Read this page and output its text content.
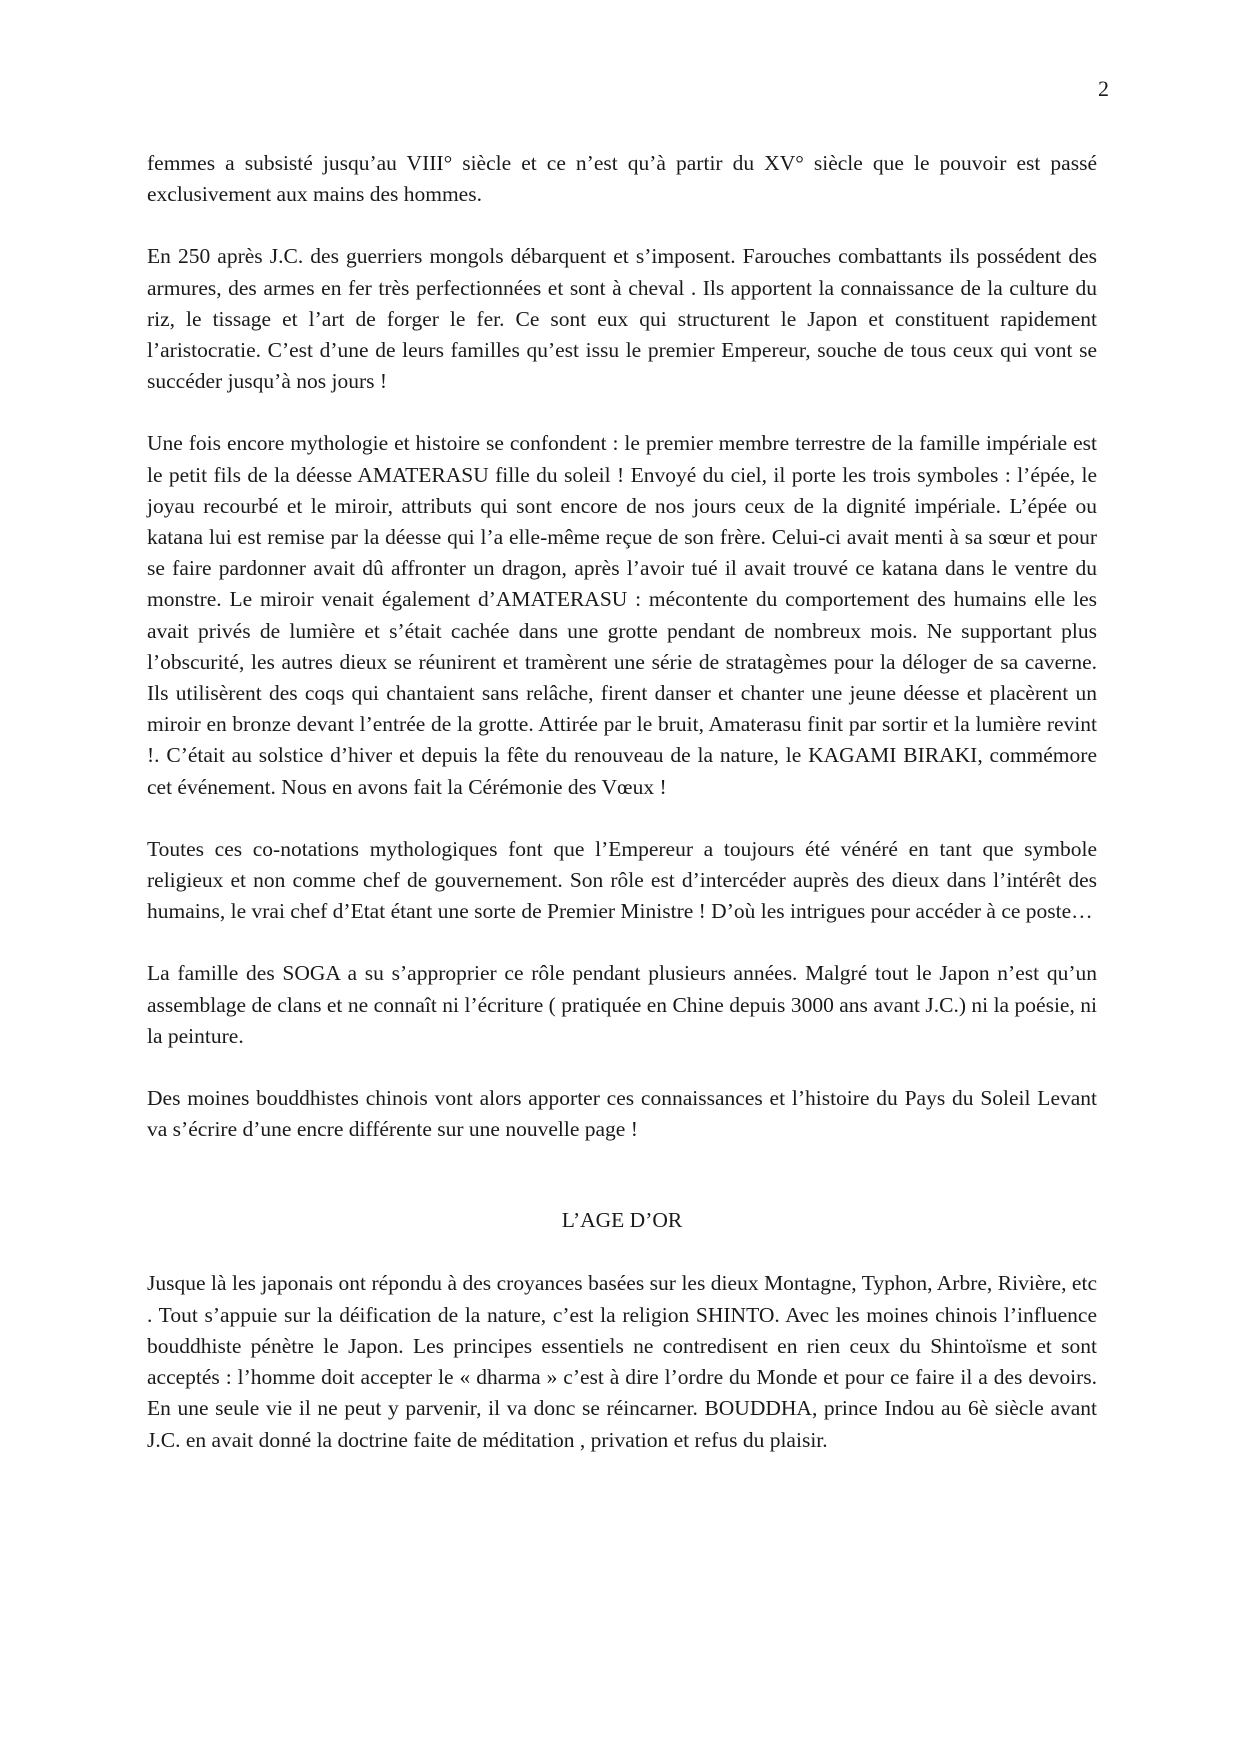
2

femmes a subsisté jusqu’au VIII° siècle et ce n’est qu’à partir du XV° siècle que le pouvoir est passé exclusivement aux mains des hommes.

En 250 après J.C. des guerriers mongols débarquent et s’imposent. Farouches combattants ils possédent des armures, des armes en fer très perfectionnées et sont à cheval . Ils apportent la connaissance de la culture du riz, le tissage et l’art de forger le fer. Ce sont eux qui structurent le Japon et constituent rapidement l’aristocratie. C’est d’une de leurs familles qu’est issu le premier Empereur, souche de tous ceux qui vont se succéder jusqu’à nos jours !

Une fois encore mythologie et histoire se confondent : le premier membre terrestre de la famille impériale est le petit fils de la déesse AMATERASU fille du soleil ! Envoyé du ciel, il porte les trois symboles : l’épée, le joyau recourbé et le miroir, attributs qui sont encore de nos jours ceux de la dignité impériale. L’épée ou katana lui est remise par la déesse qui l’a elle-même reçue de son frère. Celui-ci avait menti à sa sœur et pour se faire pardonner avait dû affronter un dragon, après l’avoir tué il avait trouvé ce katana dans le ventre du monstre. Le miroir venait également d’AMATERASU : mécontente du comportement des humains elle les avait privés de lumière et s’était cachée dans une grotte pendant de nombreux mois. Ne supportant plus l’obscurité, les autres dieux se réunirent et tramèrent une série de stratagèmes pour la déloger de sa caverne. Ils utilisèrent des coqs qui chantaient sans relâche, firent danser et chanter une jeune déesse et placèrent un miroir en bronze devant l’entrée de la grotte. Attirée par le bruit, Amaterasu finit par sortir et la lumière revint !. C’était au solstice d’hiver et depuis la fête du renouveau de la nature, le KAGAMI BIRAKI, commémore cet événement. Nous en avons fait la Cérémonie des Vœux !

Toutes ces co-notations mythologiques font que l’Empereur a toujours été vénéré en tant que symbole religieux et non comme chef de gouvernement. Son rôle est d’intercéder auprès des dieux dans l’intérêt des humains, le vrai chef d’Etat étant une sorte de Premier Ministre ! D’où les intrigues pour accéder à ce poste…

La famille des SOGA a su s’approprier ce rôle pendant plusieurs années. Malgré tout le Japon n’est qu’un assemblage de clans et ne connaît ni l’écriture ( pratiquée en Chine depuis 3000 ans avant J.C.) ni la poésie, ni la peinture.

Des moines bouddhistes chinois vont alors apporter ces connaissances et l’histoire du Pays du Soleil Levant va s’écrire d’une encre différente sur une nouvelle page !

L’AGE D’OR

Jusque là les japonais ont répondu à des croyances basées sur les dieux Montagne, Typhon, Arbre, Rivière, etc . Tout s’appuie sur la déification de la nature, c’est la religion SHINTO. Avec les moines chinois l’influence bouddhiste pénètre le Japon. Les principes essentiels ne contredisent en rien ceux du Shintoïsme et sont acceptés : l’homme doit accepter le « dharma » c’est à dire l’ordre du Monde et pour ce faire il a des devoirs. En une seule vie il ne peut y parvenir, il va donc se réincarner. BOUDDHA, prince Indou au 6è siècle avant J.C. en avait donné la doctrine faite de méditation , privation et refus du plaisir.
